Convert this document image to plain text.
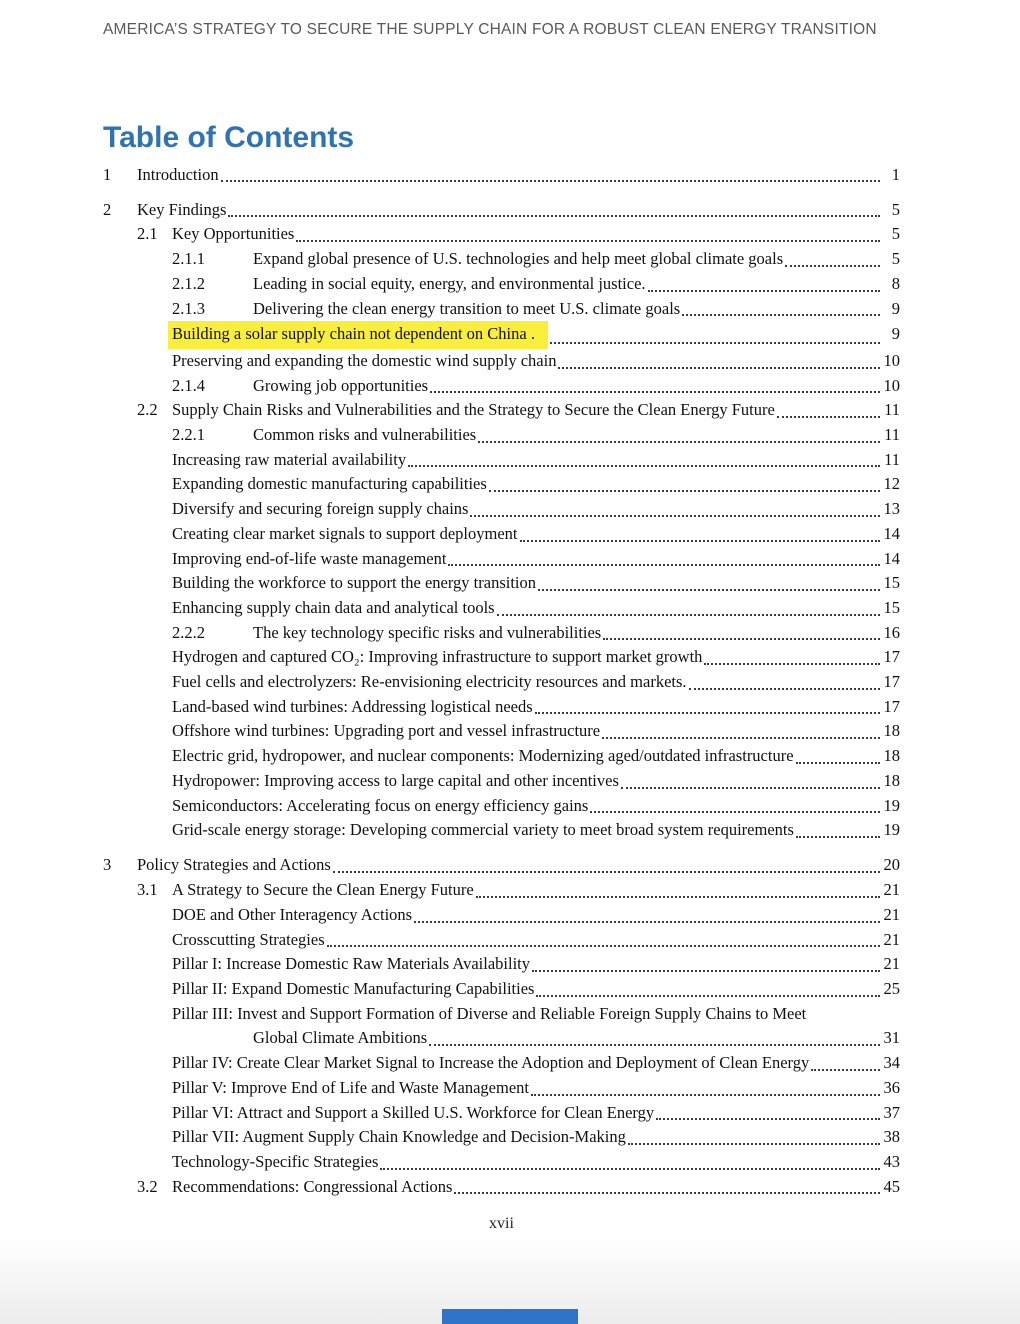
AMERICA’S STRATEGY TO SECURE THE SUPPLY CHAIN FOR A ROBUST CLEAN ENERGY TRANSITION
Table of Contents
1	Introduction	1
2	Key Findings	5
2.1 Key Opportunities	5
2.1.1	Expand global presence of U.S. technologies and help meet global climate goals	5
2.1.2	Leading in social equity, energy, and environmental justice.	8
2.1.3	Delivering the clean energy transition to meet U.S. climate goals	9
Building a solar supply chain not dependent on China .	9
Preserving and expanding the domestic wind supply chain	10
2.1.4	Growing job opportunities	10
2.2 Supply Chain Risks and Vulnerabilities and the Strategy to Secure the Clean Energy Future	11
2.2.1	Common risks and vulnerabilities	11
Increasing raw material availability	11
Expanding domestic manufacturing capabilities	12
Diversify and securing foreign supply chains	13
Creating clear market signals to support deployment	14
Improving end-of-life waste management	14
Building the workforce to support the energy transition	15
Enhancing supply chain data and analytical tools	15
2.2.2	The key technology specific risks and vulnerabilities	16
Hydrogen and captured CO₂: Improving infrastructure to support market growth	17
Fuel cells and electrolyzers: Re-envisioning electricity resources and markets.	17
Land-based wind turbines: Addressing logistical needs	17
Offshore wind turbines: Upgrading port and vessel infrastructure	18
Electric grid, hydropower, and nuclear components: Modernizing aged/outdated infrastructure	18
Hydropower: Improving access to large capital and other incentives	18
Semiconductors: Accelerating focus on energy efficiency gains	19
Grid-scale energy storage: Developing commercial variety to meet broad system requirements	19
3	Policy Strategies and Actions	20
3.1 A Strategy to Secure the Clean Energy Future	21
DOE and Other Interagency Actions	21
Crosscutting Strategies	21
Pillar I: Increase Domestic Raw Materials Availability	21
Pillar II: Expand Domestic Manufacturing Capabilities	25
Pillar III: Invest and Support Formation of Diverse and Reliable Foreign Supply Chains to Meet
Global Climate Ambitions	31
Pillar IV: Create Clear Market Signal to Increase the Adoption and Deployment of Clean Energy	34
Pillar V: Improve End of Life and Waste Management	36
Pillar VI: Attract and Support a Skilled U.S. Workforce for Clean Energy	37
Pillar VII: Augment Supply Chain Knowledge and Decision-Making	38
Technology-Specific Strategies	43
3.2 Recommendations: Congressional Actions	45
xvii
